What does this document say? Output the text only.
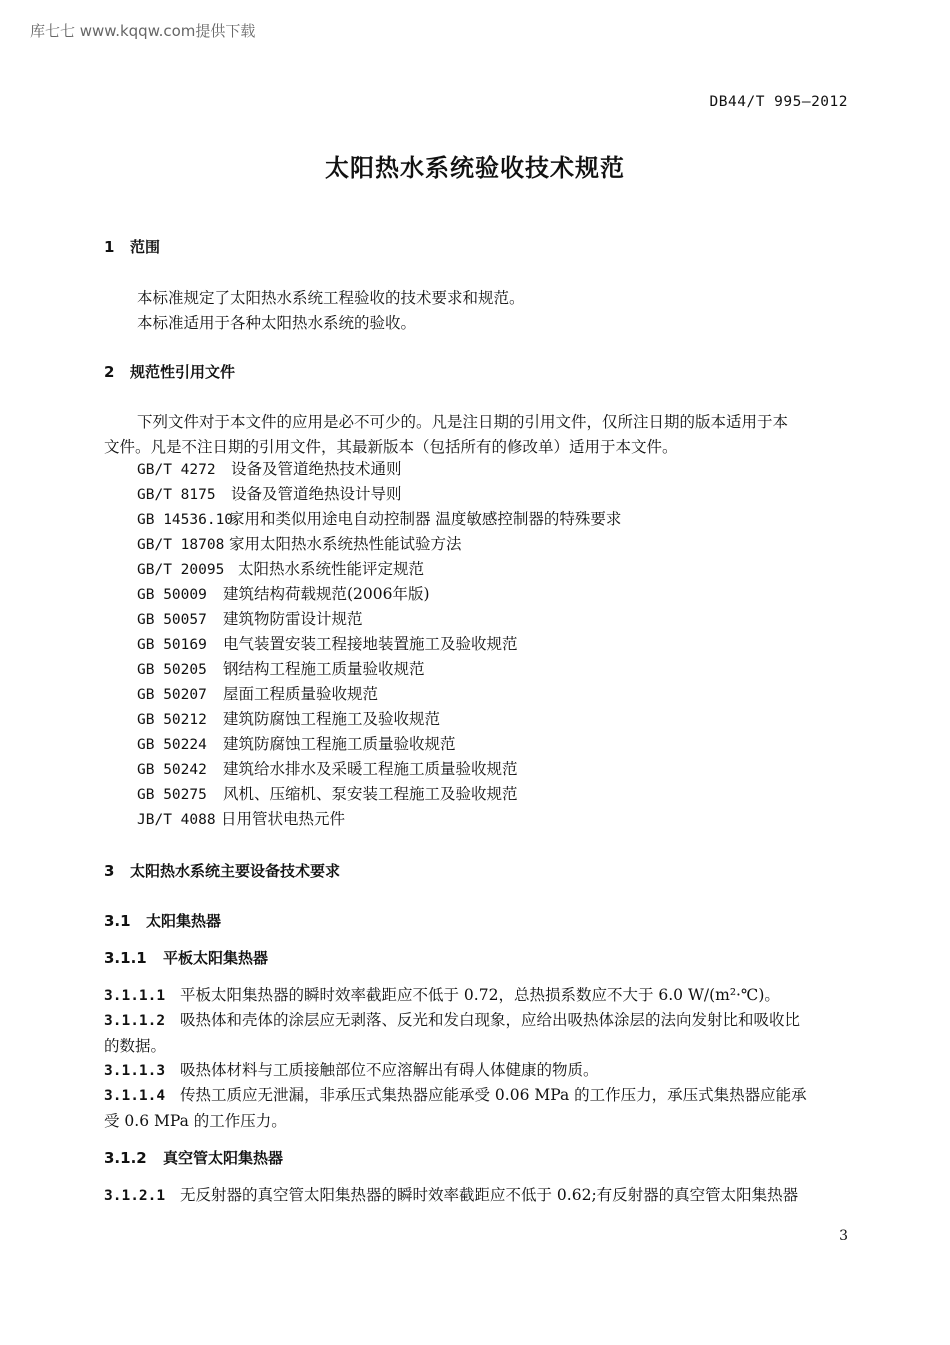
库七七 www.kqqw.com提供下载
DB44/T 995—2012
太阳热水系统验收技术规范
1 范围
本标准规定了太阳热水系统工程验收的技术要求和规范。
本标准适用于各种太阳热水系统的验收。
2 规范性引用文件
下列文件对于本文件的应用是必不可少的。凡是注日期的引用文件，仅所注日期的版本适用于本
文件。凡是不注日期的引用文件，其最新版本（包括所有的修改单）适用于本文件。
GB/T 4272 设备及管道绝热技术通则
GB/T 8175 设备及管道绝热设计导则
GB 14536.10家用和类似用途电自动控制器 温度敏感控制器的特殊要求
GB/T 18708 家用太阳热水系统热性能试验方法
GB/T 20095 太阳热水系统性能评定规范
GB 50009 建筑结构荷载规范(2006年版)
GB 50057 建筑物防雷设计规范
GB 50169 电气装置安装工程接地装置施工及验收规范
GB 50205 钢结构工程施工质量验收规范
GB 50207 屋面工程质量验收规范
GB 50212 建筑防腐蚀工程施工及验收规范
GB 50224 建筑防腐蚀工程施工质量验收规范
GB 50242 建筑给水排水及采暖工程施工质量验收规范
GB 50275 风机、压缩机、泵安装工程施工及验收规范
JB/T 4088 日用管状电热元件
3 太阳热水系统主要设备技术要求
3.1 太阳集热器
3.1.1 平板太阳集热器
3.1.1.1 平板太阳集热器的瞬时效率截距应不低于 0.72，总热损系数应不大于 6.0 W/(m²·℃)。
3.1.1.2 吸热体和壳体的涂层应无剥落、反光和发白现象，应给出吸热体涂层的法向发射比和吸收比
的数据。
3.1.1.3 吸热体材料与工质接触部位不应溶解出有碍人体健康的物质。
3.1.1.4 传热工质应无泄漏，非承压式集热器应能承受 0.06 MPa 的工作压力，承压式集热器应能承
受 0.6 MPa 的工作压力。
3.1.2 真空管太阳集热器
3.1.2.1 无反射器的真空管太阳集热器的瞬时效率截距应不低于 0.62;有反射器的真空管太阳集热器
3
